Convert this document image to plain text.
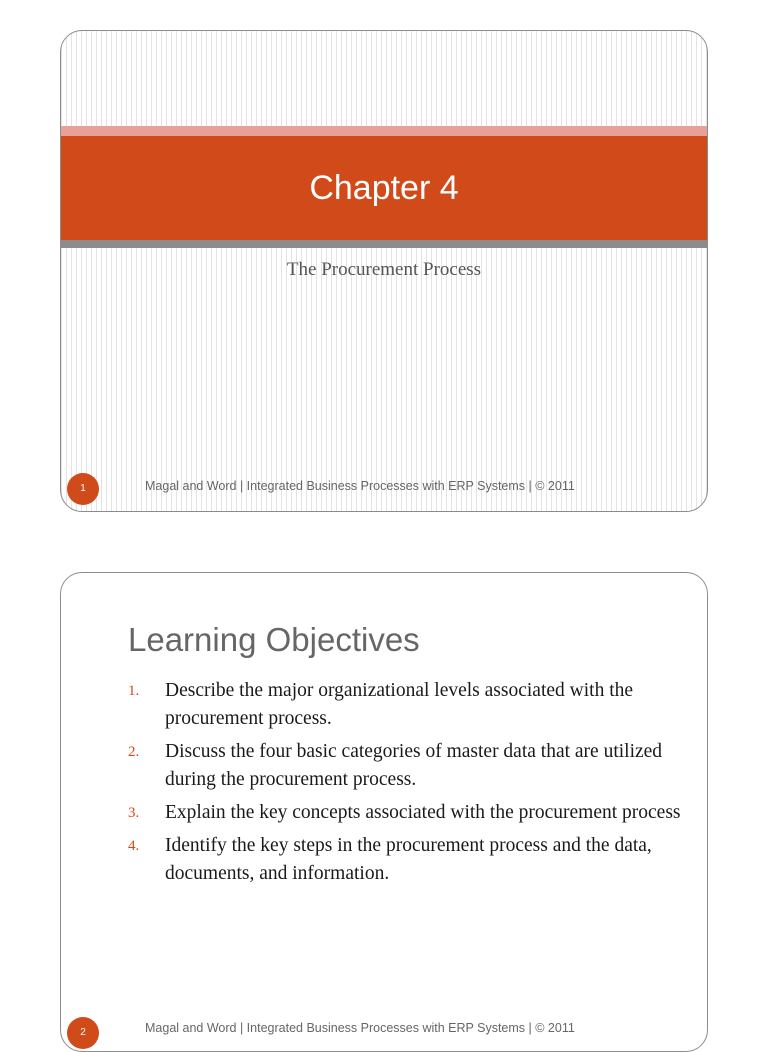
Chapter 4
The Procurement Process
1	Magal and Word | Integrated Business Processes with ERP Systems | © 2011
Learning Objectives
1. Describe the major organizational levels associated with the procurement process.
2. Discuss the four basic categories of master data that are utilized during the procurement process.
3. Explain the key concepts associated with the procurement process
4. Identify the key steps in the procurement process and the data, documents, and information.
2	Magal and Word | Integrated Business Processes with ERP Systems | © 2011
